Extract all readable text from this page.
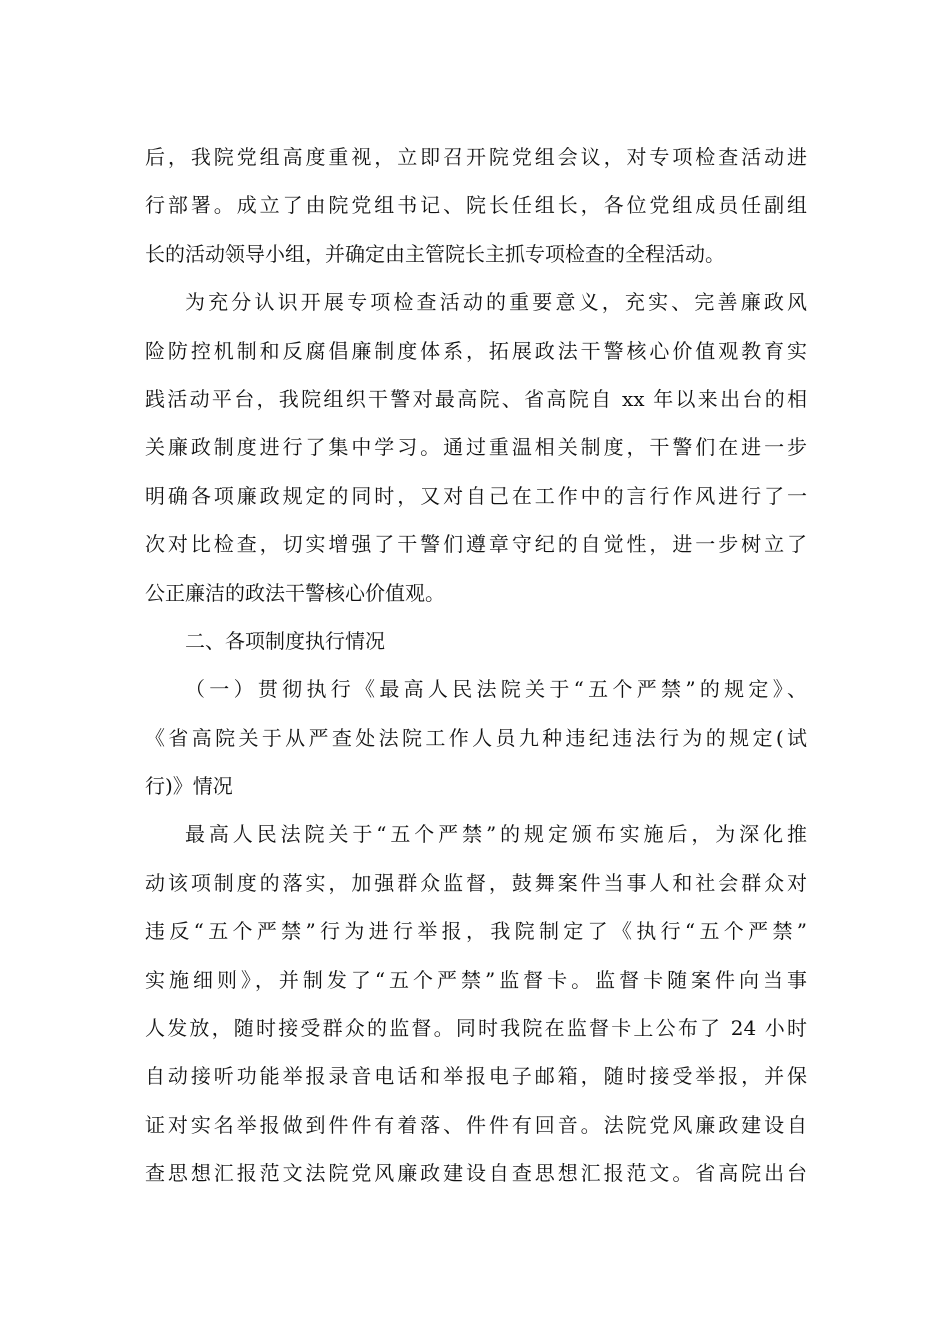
后，我院党组高度重视，立即召开院党组会议，对专项检查活动进
行部署。成立了由院党组书记、院长任组长，各位党组成员任副组
长的活动领导小组，并确定由主管院长主抓专项检查的全程活动。
为充分认识开展专项检查活动的重要意义，充实、完善廉政风
险防控机制和反腐倡廉制度体系，拓展政法干警核心价值观教育实
践活动平台，我院组织干警对最高院、省高院自 xx 年以来出台的相
关廉政制度进行了集中学习。通过重温相关制度，干警们在进一步
明确各项廉政规定的同时，又对自己在工作中的言行作风进行了一
次对比检查，切实增强了干警们遵章守纪的自觉性，进一步树立了
公正廉洁的政法干警核心价值观。
二、各项制度执行情况
（一）贯彻执行《最高人民法院关于“五个严禁”的规定》、
《省高院关于从严查处法院工作人员九种违纪违法行为的规定(试
行)》情况
最高人民法院关于“五个严禁”的规定颁布实施后，为深化推
动该项制度的落实，加强群众监督，鼓舞案件当事人和社会群众对
违反“五个严禁”行为进行举报，我院制定了《执行“五个严禁”
实施细则》，并制发了“五个严禁”监督卡。监督卡随案件向当事
人发放，随时接受群众的监督。同时我院在监督卡上公布了 24 小时
自动接听功能举报录音电话和举报电子邮箱，随时接受举报，并保
证对实名举报做到件件有着落、件件有回音。法院党风廉政建设自
查思想汇报范文法院党风廉政建设自查思想汇报范文。省高院出台
